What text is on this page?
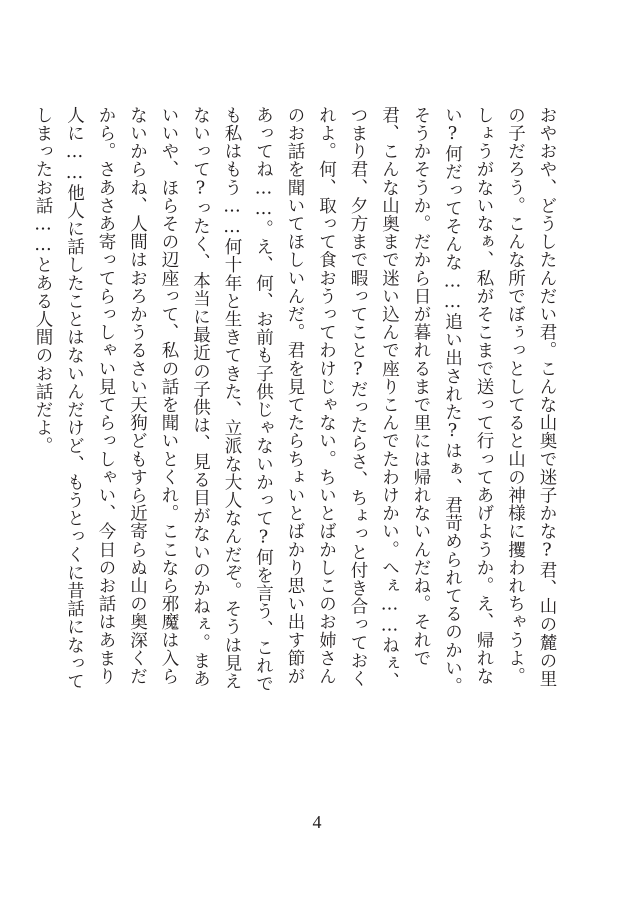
おやおや、どうしたんだい君。こんな山奥で迷子かな?君、山の麓の里の子だろう。こんな所でぼぅっとしてると山の神様に攫われちゃうよ。しょうがないなぁ、私がそこまで送って行ってあげようか。え、帰れない?何だってそんな……追い出された?はぁ、君苛められてるのかい。そうかそうか。だから日が暮れるまで里には帰れないんだね。それで君、こんな山奥まで迷い込んで座りこんでたわけかい。へぇ……ねぇ、つまり君、夕方まで暇ってこと?だったらさ、ちょっと付き合っておくれよ。何、取って食おうってわけじゃない。ちいとばかしこのお姉さんのお話を聞いてほしいんだ。君を見てたらちょいとばかり思い出す節があってね……。え、何、お前も子供じゃないかって?何を言う、これでも私はもう……何十年と生きてきた、立派な大人なんだぞ。そうは見えないって?ったく、本当に最近の子供は、見る目がないのかねぇ。まあいいや、ほらその辺座って、私の話を聞いとくれ。ここなら邪魔は入らないからね、人間はおろかうるさい天狗どもすら近寄らぬ山の奥深くだから。さあさあ寄ってらっしゃい見てらっしゃい、今日のお話はあまり人に……他人に話したことはないんだけど、もうとっくに昔話になってしまったお話……とある人間のお話だよ。
4
